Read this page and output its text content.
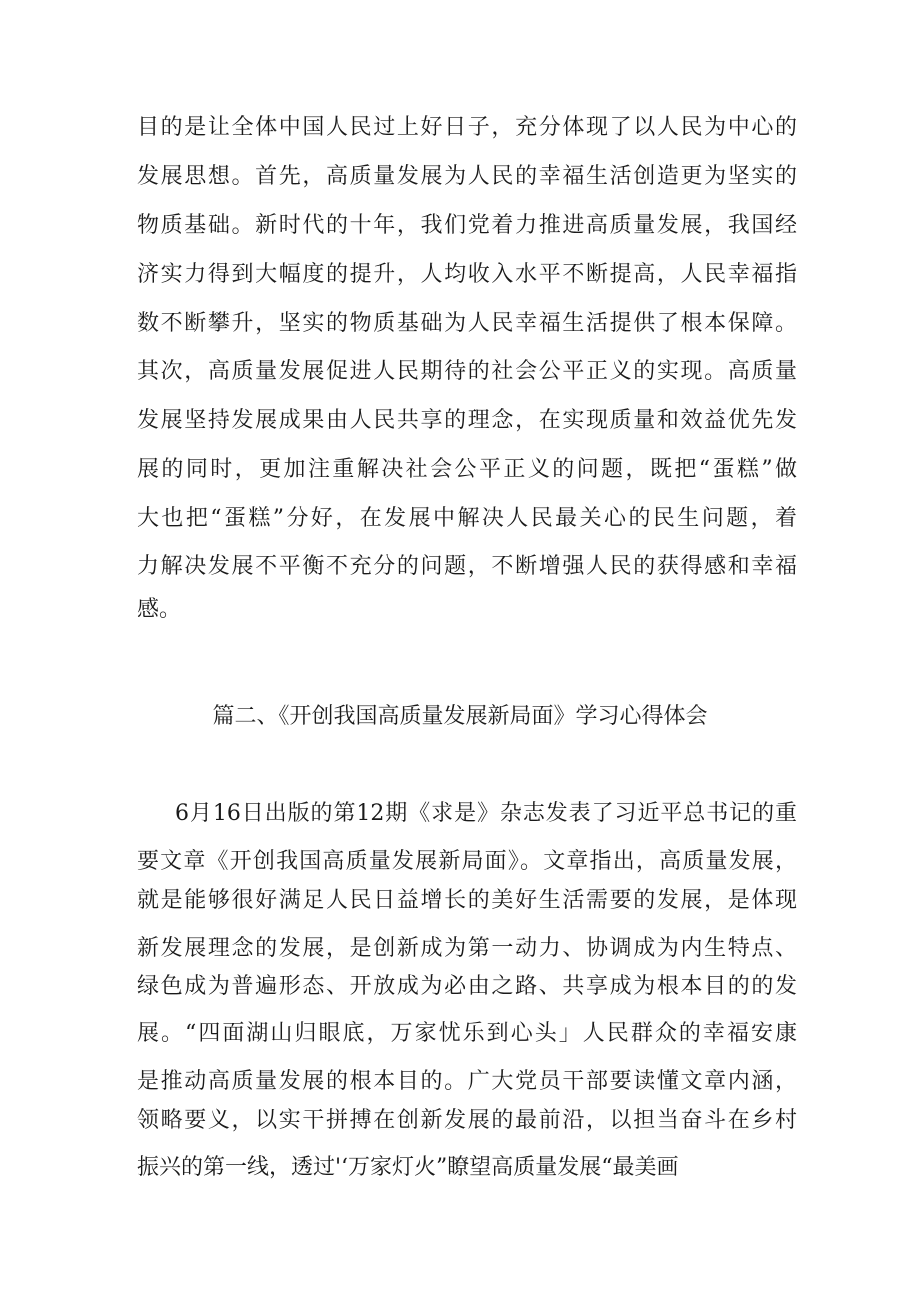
目的是让全体中国人民过上好日子，充分体现了以人民为中心的
发展思想。首先，高质量发展为人民的幸福生活创造更为坚实的
物质基础。新时代的十年，我们党着力推进高质量发展，我国经
济实力得到大幅度的提升，人均收入水平不断提高，人民幸福指
数不断攀升，坚实的物质基础为人民幸福生活提供了根本保障。
其次，高质量发展促进人民期待的社会公平正义的实现。高质量
发展坚持发展成果由人民共享的理念，在实现质量和效益优先发
展的同时，更加注重解决社会公平正义的问题，既把“蛋糕”做
大也把“蛋糕”分好，在发展中解决人民最关心的民生问题，着
力解决发展不平衡不充分的问题，不断增强人民的获得感和幸福
感。
篇二、《开创我国高质量发展新局面》学习心得体会
6月16日出版的第12期《求是》杂志发表了习近平总书记的重
要文章《开创我国高质量发展新局面》。文章指出，高质量发展，
就是能够很好满足人民日益增长的美好生活需要的发展，是体现
新发展理念的发展，是创新成为第一动力、协调成为内生特点、
绿色成为普遍形态、开放成为必由之路、共享成为根本目的的发
展。“四面湖山归眼底，万家忧乐到心头」人民群众的幸福安康
是推动高质量发展的根本目的。广大党员干部要读懂文章内涵，
领略要义，以实干拼搏在创新发展的最前沿，以担当奋斗在乡村
振兴的第一线，透过'‘万家灯火”瞭望高质量发展“最美画
